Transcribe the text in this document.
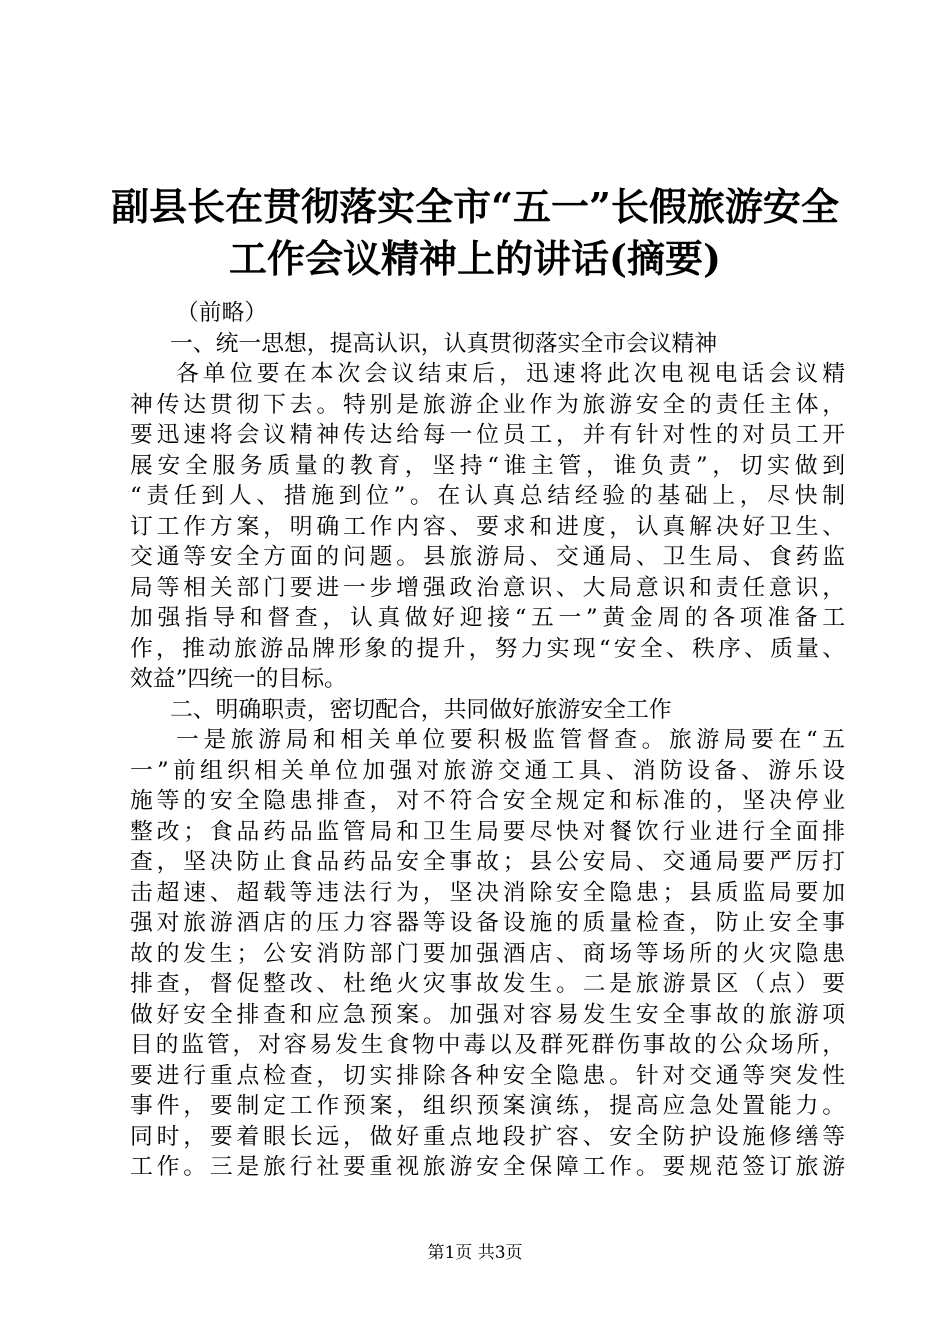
副县长在贯彻落实全市“五一”长假旅游安全
工作会议精神上的讲话(摘要)
（前略）
一、统一思想，提高认识，认真贯彻落实全市会议精神
各单位要在本次会议结束后，迅速将此次电视电话会议精
神传达贯彻下去。特别是旅游企业作为旅游安全的责任主体，
要迅速将会议精神传达给每一位员工，并有针对性的对员工开
展安全服务质量的教育，坚持“谁主管，谁负责”，切实做到
“责任到人、措施到位”。在认真总结经验的基础上，尽快制
订工作方案，明确工作内容、要求和进度，认真解决好卫生、
交通等安全方面的问题。县旅游局、交通局、卫生局、食药监
局等相关部门要进一步增强政治意识、大局意识和责任意识，
加强指导和督查，认真做好迎接“五一”黄金周的各项准备工
作，推动旅游品牌形象的提升，努力实现“安全、秩序、质量、
效益”四统一的目标。
二、明确职责，密切配合，共同做好旅游安全工作
一是旅游局和相关单位要积极监管督查。旅游局要在“五
一”前组织相关单位加强对旅游交通工具、消防设备、游乐设
施等的安全隐患排查，对不符合安全规定和标准的，坚决停业
整改；食品药品监管局和卫生局要尽快对餐饮行业进行全面排
查，坚决防止食品药品安全事故；县公安局、交通局要严厉打
击超速、超载等违法行为，坚决消除安全隐患；县质监局要加
强对旅游酒店的压力容器等设备设施的质量检查，防止安全事
故的发生；公安消防部门要加强酒店、商场等场所的火灾隐患
排查，督促整改、杜绝火灾事故发生。二是旅游景区（点）要
做好安全排查和应急预案。加强对容易发生安全事故的旅游项
目的监管，对容易发生食物中毒以及群死群伤事故的公众场所，
要进行重点检查，切实排除各种安全隐患。针对交通等突发性
事件，要制定工作预案，组织预案演练，提高应急处置能力。
同时，要着眼长远，做好重点地段扩容、安全防护设施修缮等
工作。三是旅行社要重视旅游安全保障工作。要规范签订旅游
第1页 共3页
